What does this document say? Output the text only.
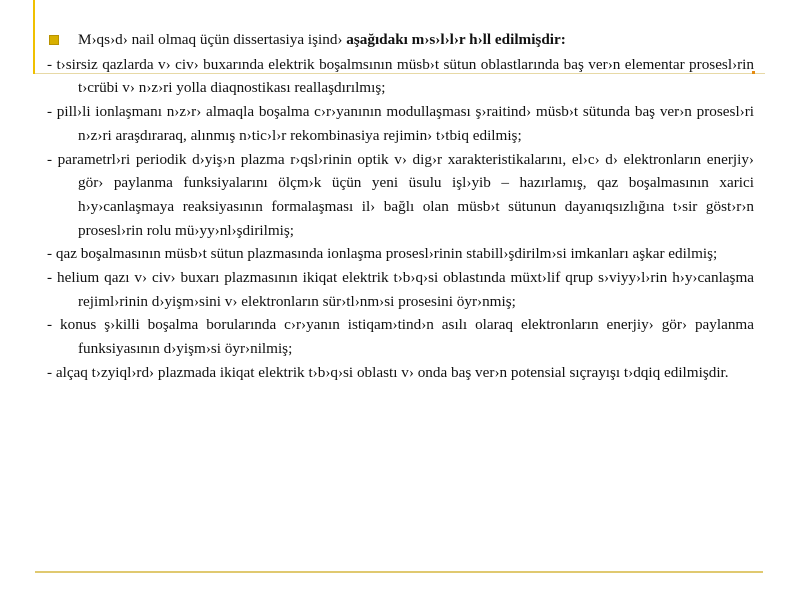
M›qs›d› nail olmaq üçün dissertasiya işind› aşağıdakı m›s›l›l›r h›ll edilmişdir:

- t›sirsiz qazlarda v› civ› buxarında elektrik boşalmsının müsb›t sütun oblastlarında baş ver›n elementar prosesl›rin t›crübi v› n›z›ri yolla diaqnostikası reallaşdırılmış;

- pill›li ionlaşmanı n›z›r› almaqla boşalma c›r›yanının modullaşması ş›raitind› müsb›t sütunda baş ver›n prosesl›ri n›z›ri araşdıraraq, alınmış n›tic›l›r rekombinasiya rejimin› t›tbiq edilmiş;

- parametrl›ri periodik d›yiş›n plazma r›qsl›rinin optik v› dig›r xarakteristikalarını, el›c› d› elektronların enerjiy› gör› paylanma funksiyalarını ölçm›k üçün yeni üsulu işl›yib – hazırlamış, qaz boşalmasının xarici h›y›canlaşmaya reaksiyasının formalaşması il› bağlı olan müsb›t sütunun dayanıqsızlığına t›sir göst›r›n prosesl›rin rolu mü›yy›nl›şdirilmiş;

- qaz boşalmasının müsb›t sütun plazmasında ionlaşma prosesl›rinin stabill›şdirilm›si imkanları aşkar edilmiş;

- helium qazı v› civ› buxarı plazmasının ikiqat elektrik t›b›q›si oblastında müxt›lif qrup s›viyy›l›rin h›y›canlaşma rejiml›rinin d›yişm›sini v› elektronların sür›tl›nm›si prosesini öyr›nmiş;

- konus ş›killi boşalma borularında c›r›yanın istiqam›tind›n asılı olaraq elektronların enerjiy› gör› paylanma funksiyasının d›yişm›si öyr›nilmiş;

- alçaq t›zyiql›rd› plazmada ikiqat elektrik t›b›q›si oblastı v› onda baş ver›n potensial sıçrayışı t›dqiq edilmişdir.
